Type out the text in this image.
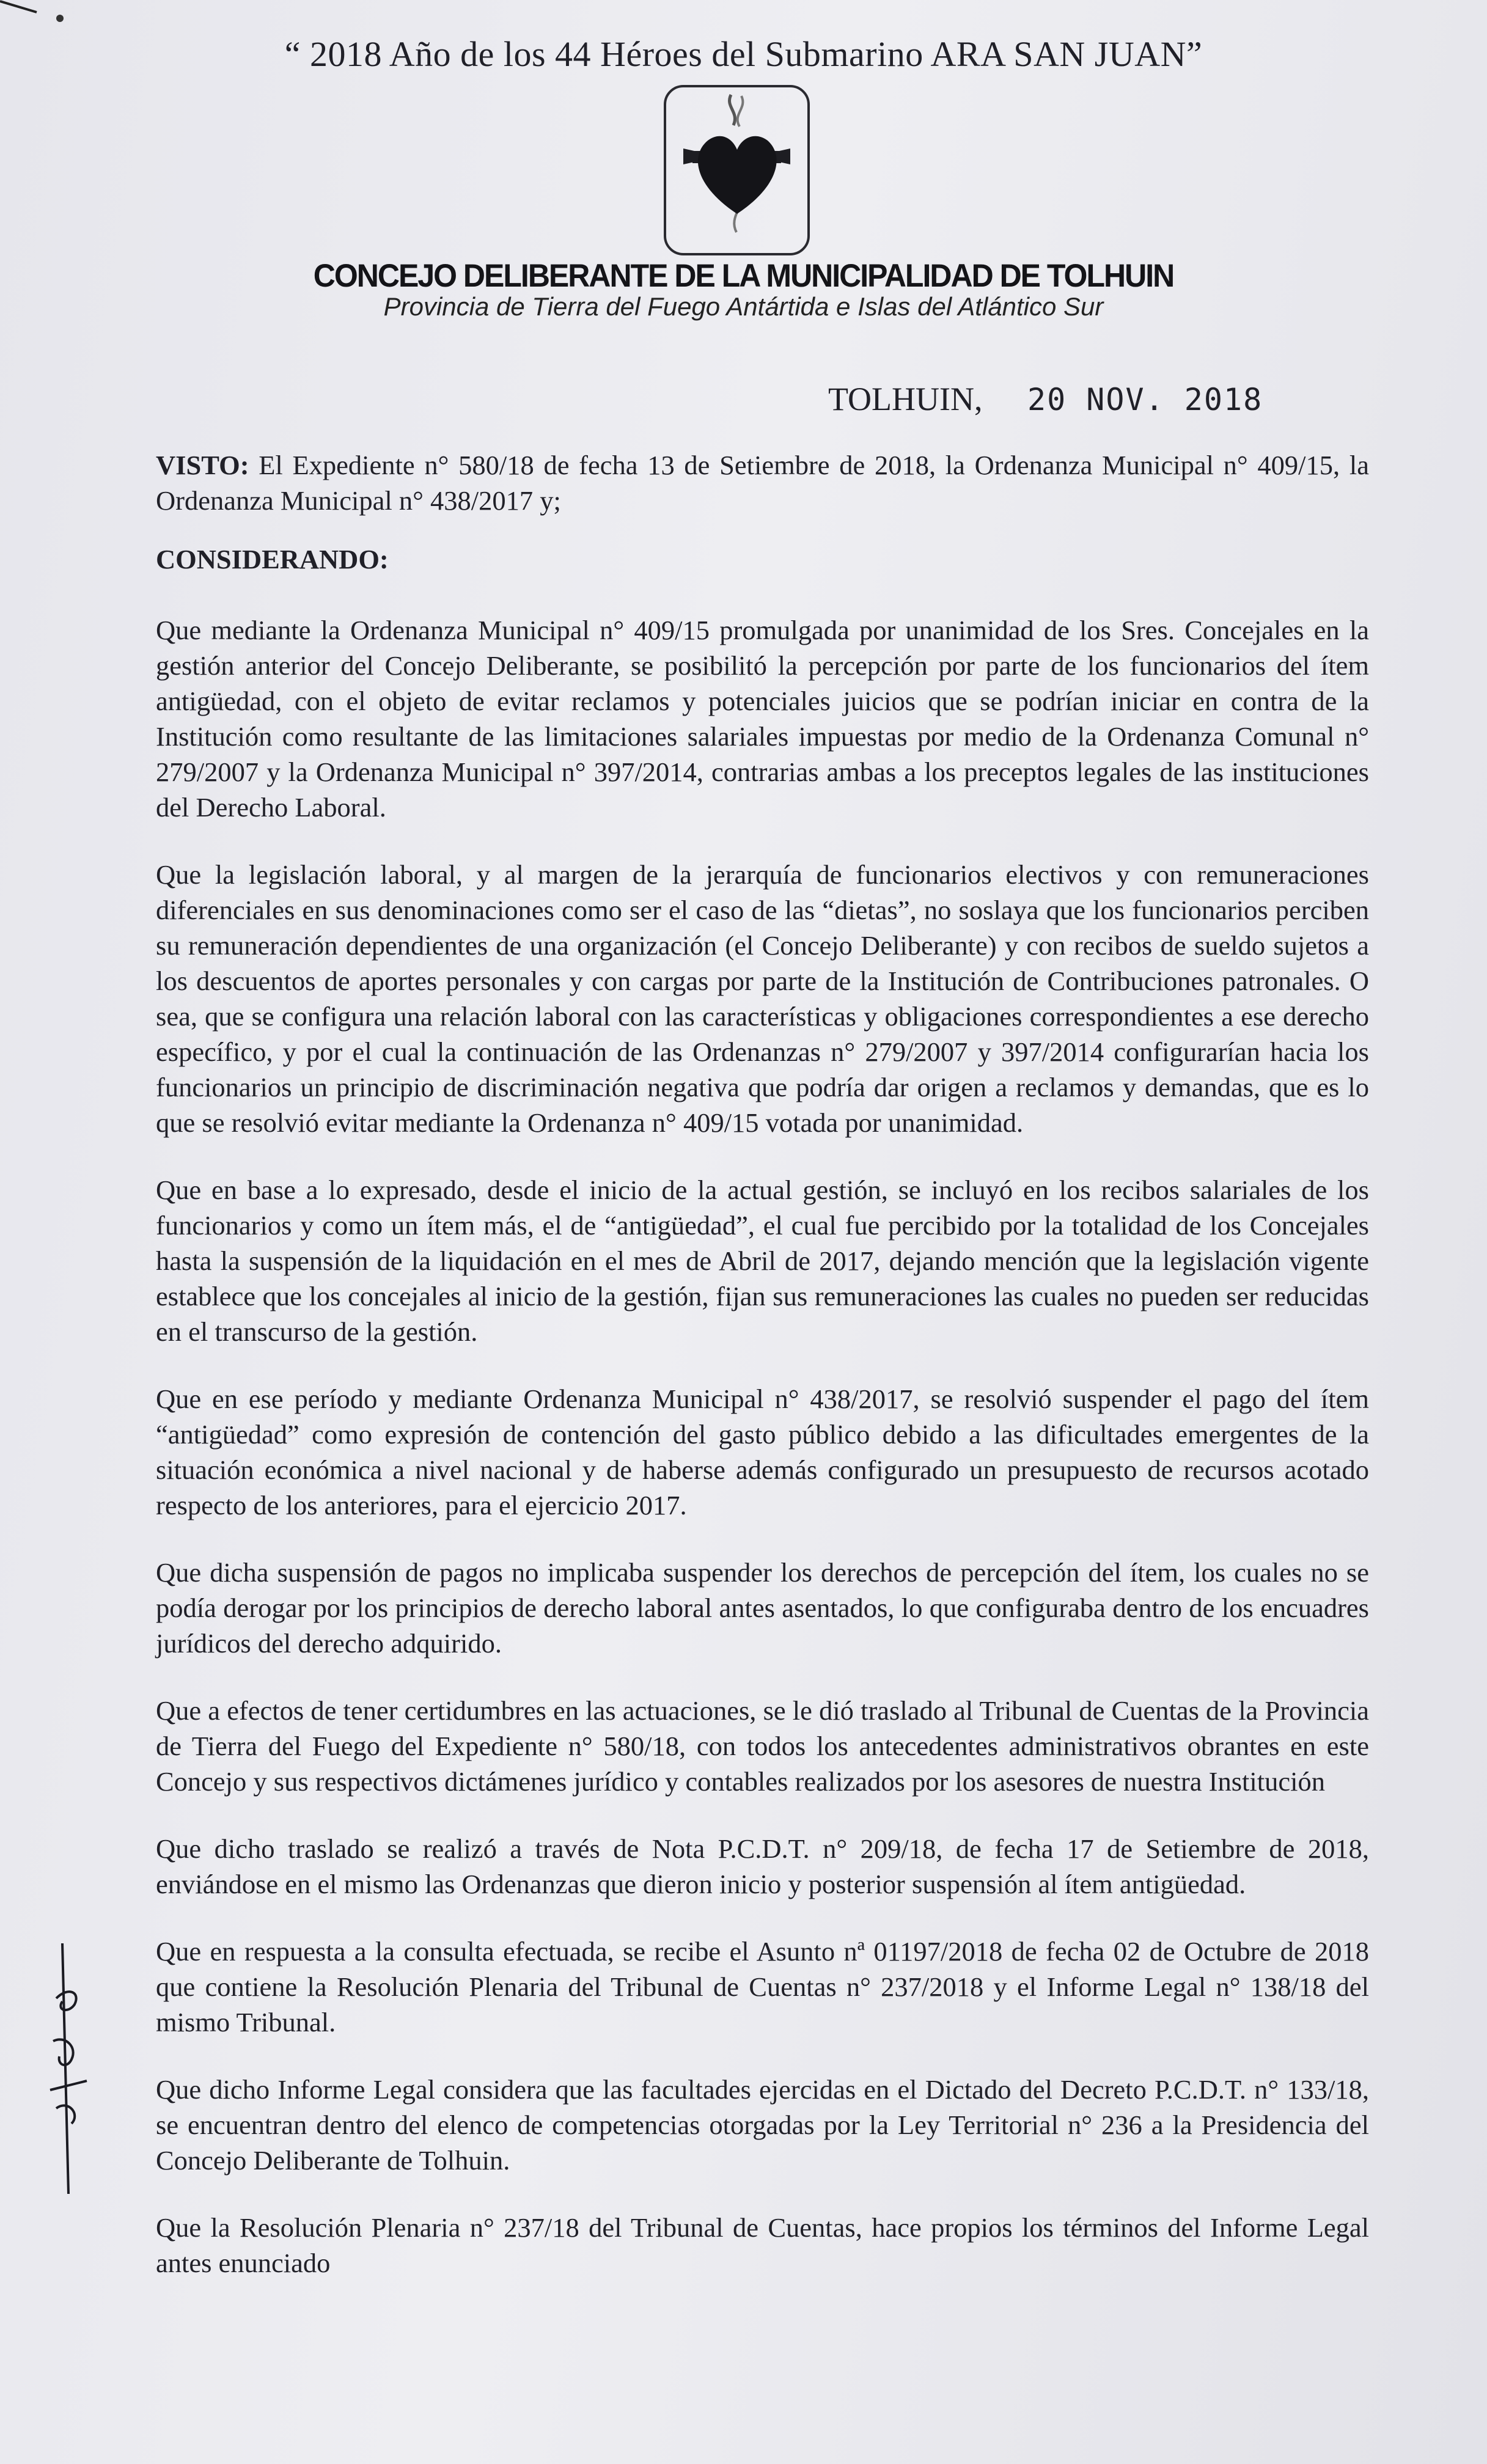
“ 2018 Año de los 44 Héroes del Submarino ARA SAN JUAN”
CONCEJO DELIBERANTE DE LA MUNICIPALIDAD DE TOLHUIN
Provincia de Tierra del Fuego Antártida e Islas del Atlántico Sur
TOLHUIN, 20 NOV. 2018

VISTO: El Expediente n° 580/18 de fecha 13 de Setiembre de 2018, la Ordenanza Municipal n° 409/15, la Ordenanza Municipal n° 438/2017 y;

CONSIDERANDO:

Que mediante la Ordenanza Municipal n° 409/15 promulgada por unanimidad de los Sres. Concejales en la gestión anterior del Concejo Deliberante, se posibilitó la percepción por parte de los funcionarios del ítem antigüedad, con el objeto de evitar reclamos y potenciales juicios que se podrían iniciar en contra de la Institución como resultante de las limitaciones salariales impuestas por medio de la Ordenanza Comunal n° 279/2007 y la Ordenanza Municipal n° 397/2014, contrarias ambas a los preceptos legales de las instituciones del Derecho Laboral.

Que la legislación laboral, y al margen de la jerarquía de funcionarios electivos y con remuneraciones diferenciales en sus denominaciones como ser el caso de las “dietas”, no soslaya que los funcionarios perciben su remuneración dependientes de una organización (el Concejo Deliberante) y con recibos de sueldo sujetos a los descuentos de aportes personales y con cargas por parte de la Institución de Contribuciones patronales. O sea, que se configura una relación laboral con las características y obligaciones correspondientes a ese derecho específico, y por el cual la continuación de las Ordenanzas n° 279/2007 y 397/2014 configurarían hacia los funcionarios un principio de discriminación negativa que podría dar origen a reclamos y demandas, que es lo que se resolvió evitar mediante la Ordenanza n° 409/15 votada por unanimidad.

Que en base a lo expresado, desde el inicio de la actual gestión, se incluyó en los recibos salariales de los funcionarios y como un ítem más, el de “antigüedad”, el cual fue percibido por la totalidad de los Concejales hasta la suspensión de la liquidación en el mes de Abril de 2017, dejando mención que la legislación vigente establece que los concejales al inicio de la gestión, fijan sus remuneraciones las cuales no pueden ser reducidas en el transcurso de la gestión.

Que en ese período y mediante Ordenanza Municipal n° 438/2017, se resolvió suspender el pago del ítem “antigüedad” como expresión de contención del gasto público debido a las dificultades emergentes de la situación económica a nivel nacional y de haberse además configurado un presupuesto de recursos acotado respecto de los anteriores, para el ejercicio 2017.

Que dicha suspensión de pagos no implicaba suspender los derechos de percepción del ítem, los cuales no se podía derogar por los principios de derecho laboral antes asentados, lo que configuraba dentro de los encuadres jurídicos del derecho adquirido.

Que a efectos de tener certidumbres en las actuaciones, se le dió traslado al Tribunal de Cuentas de la Provincia de Tierra del Fuego del Expediente n° 580/18, con todos los antecedentes administrativos obrantes en este Concejo y sus respectivos dictámenes jurídico y contables realizados por los asesores de nuestra Institución

Que dicho traslado se realizó a través de Nota P.C.D.T. n° 209/18, de fecha 17 de Setiembre de 2018, enviándose en el mismo las Ordenanzas que dieron inicio y posterior suspensión al ítem antigüedad.

Que en respuesta a la consulta efectuada, se recibe el Asunto nª 01197/2018 de fecha 02 de Octubre de 2018 que contiene la Resolución Plenaria del Tribunal de Cuentas n° 237/2018 y el Informe Legal n° 138/18 del mismo Tribunal.

Que dicho Informe Legal considera que las facultades ejercidas en el Dictado del Decreto P.C.D.T. n° 133/18, se encuentran dentro del elenco de competencias otorgadas por la Ley Territorial n° 236 a la Presidencia del Concejo Deliberante de Tolhuin.

Que la Resolución Plenaria n° 237/18 del Tribunal de Cuentas, hace propios los términos del Informe Legal antes enunciado
